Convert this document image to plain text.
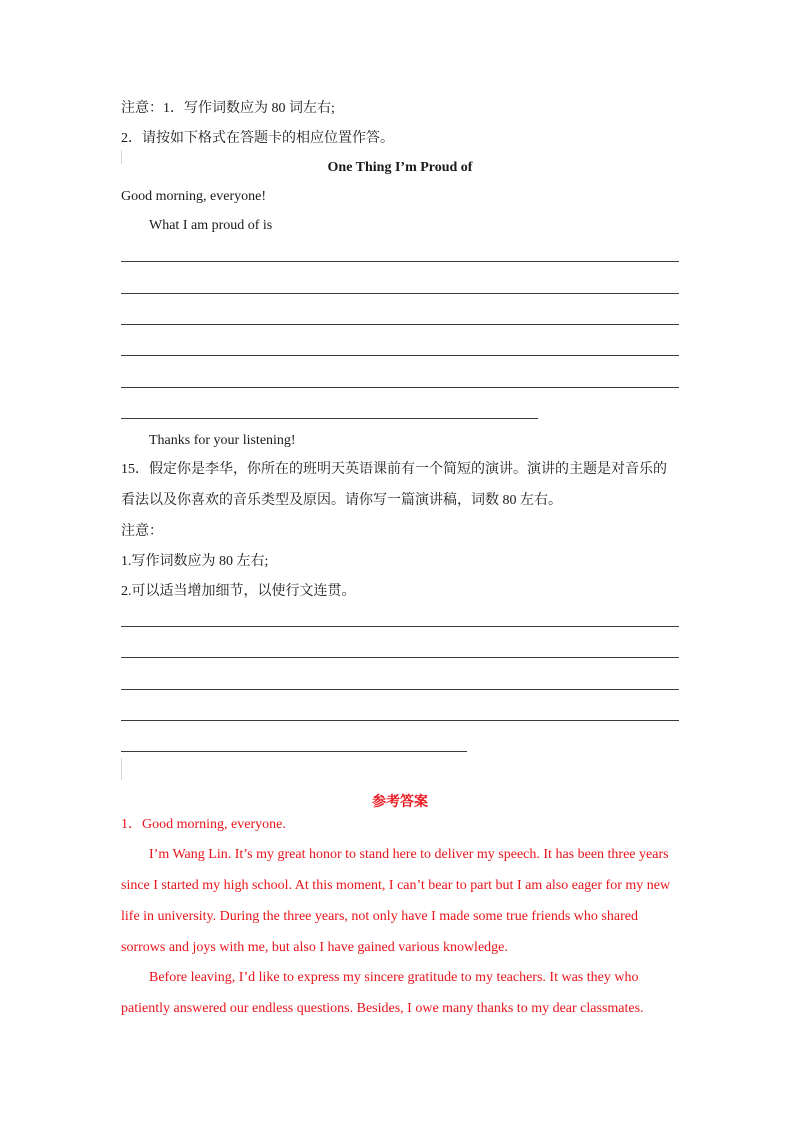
注意：1．写作词数应为 80 词左右;
2．请按如下格式在答题卡的相应位置作答。
One Thing I’m Proud of
Good morning, everyone!
What I am proud of is
Thanks for your listening!
15．假定你是李华，你所在的班明天英语课前有一个简短的演讲。演讲的主题是对音乐的
看法以及你喜欢的音乐类型及原因。请你写一篇演讲稿，词数 80 左右。
注意：
1.写作词数应为 80 左右;
2.可以适当增加细节，以使行文连贯。
参考答案
1．Good morning, everyone.
I’m Wang Lin. It’s my great honor to stand here to deliver my speech. It has been three years
since I started my high school. At this moment, I can’t bear to part but I am also eager for my new
life in university. During the three years, not only have I made some true friends who shared
sorrows and joys with me, but also I have gained various knowledge.
Before leaving, I’d like to express my sincere gratitude to my teachers. It was they who
patiently answered our endless questions. Besides, I owe many thanks to my dear classmates.
